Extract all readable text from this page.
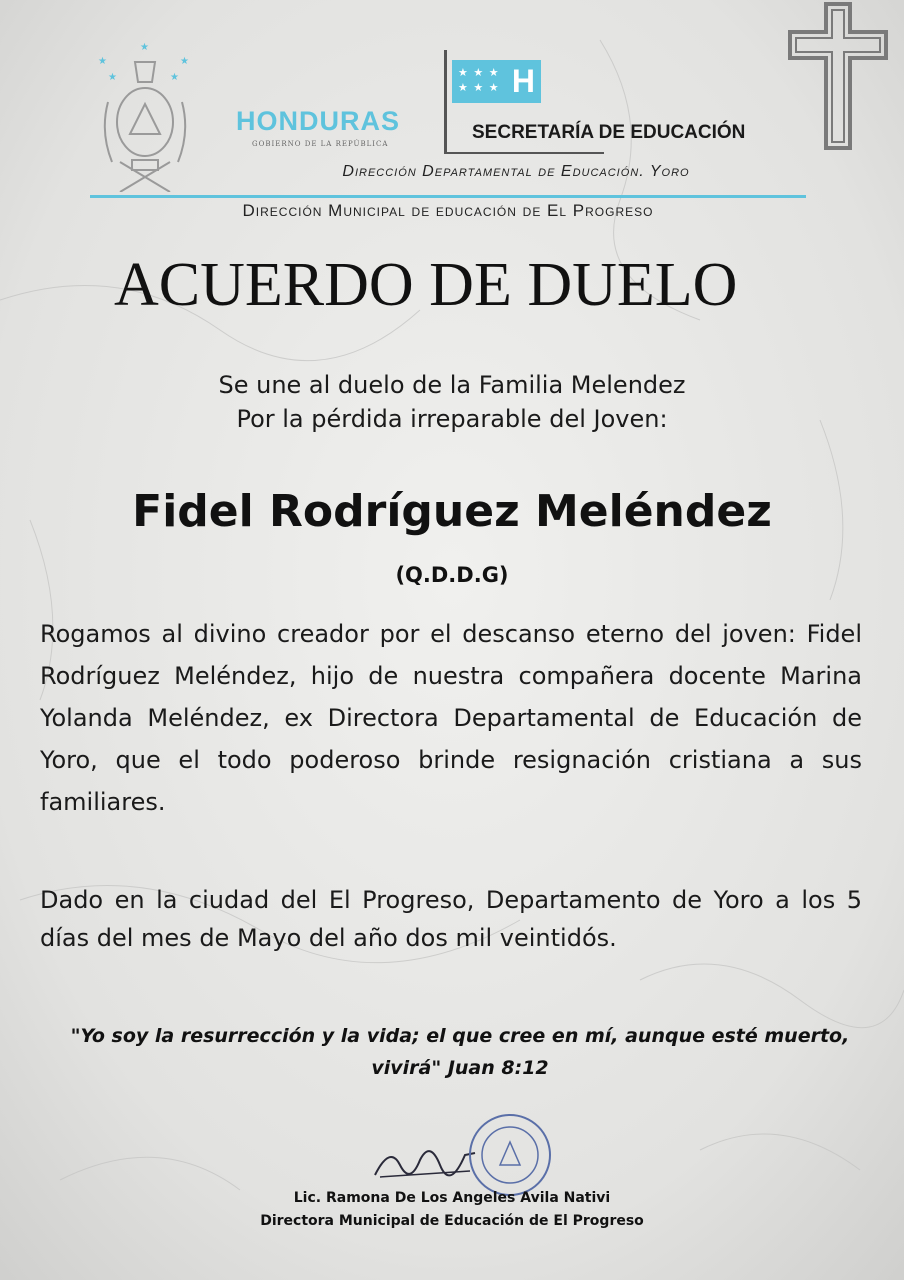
★
★
★
★
★
HONDURAS
GOBIERNO DE LA REPÚBLICA
★ ★ ★
★ ★ ★ H
SECRETARÍA DE EDUCACIÓN
Dirección Departamental de Educación. Yoro
Dirección Municipal de educación de El Progreso
ACUERDO DE DUELO
Se une al duelo de la Familia Melendez
Por la pérdida irreparable del Joven:
Fidel Rodríguez Meléndez
(Q.D.D.G)
Rogamos al divino creador por el descanso eterno del joven: Fidel Rodríguez Meléndez, hijo de nuestra compañera docente Marina Yolanda Meléndez, ex Directora Departamental de Educación de Yoro, que el todo poderoso brinde resignación cristiana a sus familiares.
Dado en la ciudad del El Progreso, Departamento de Yoro a los 5 días del mes de Mayo del año dos mil veintidós.
"Yo soy la resurrección y la vida; el que cree en mí, aunque esté muerto,
vivirá" Juan 8:12
Lic. Ramona De Los Angeles Avila Nativi
Directora Municipal de Educación de El Progreso
